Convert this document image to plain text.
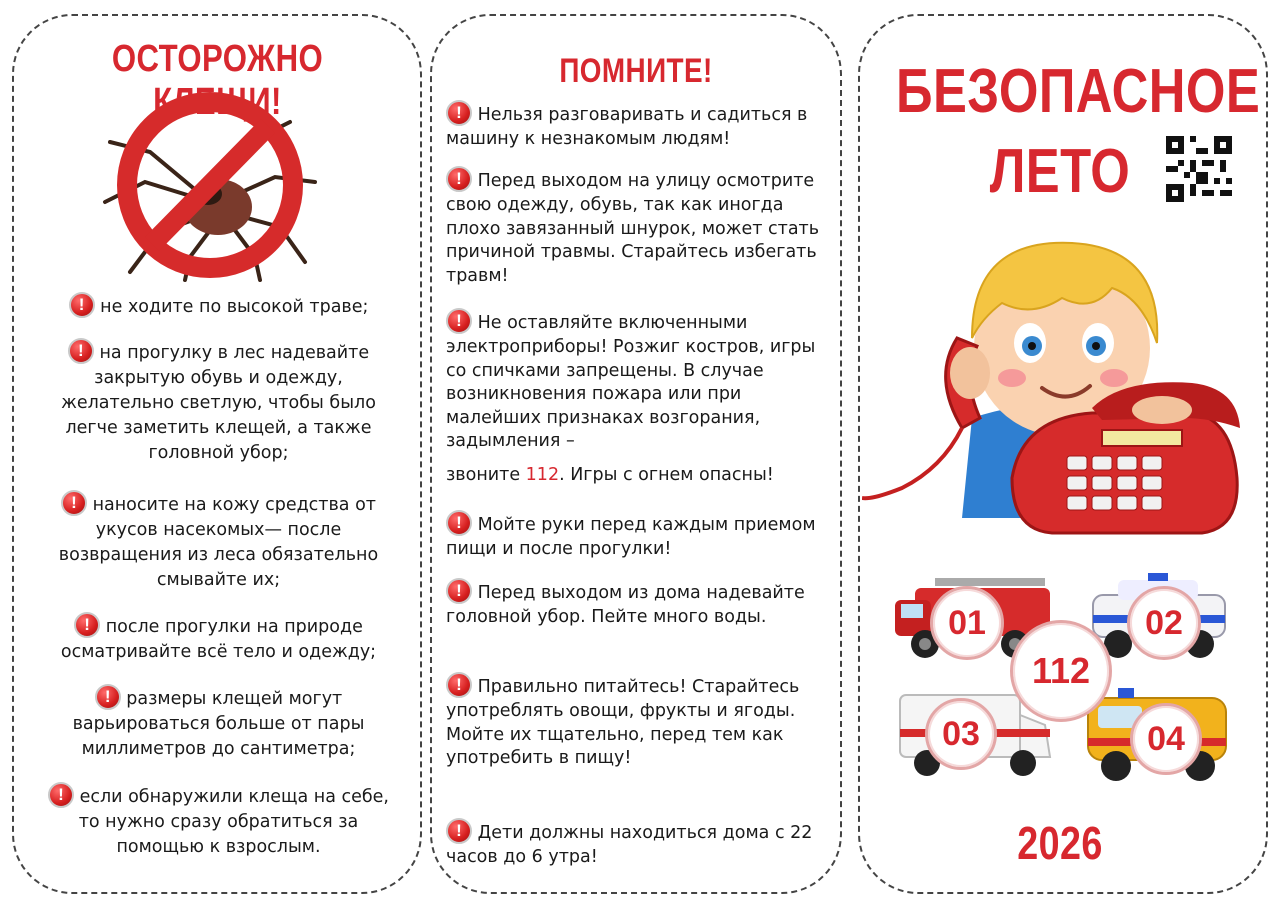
ОСТОРОЖНО КЛЕЩИ!
! не ходите по высокой траве;
! на прогулку в лес надевайте
закрытую обувь и одежду, желательно светлую, чтобы было легче заметить клещей, а также головной убор;
! наносите на кожу средства от
укусов насекомых— после возвращения из леса обязательно смывайте их;
! после прогулки на природе
осматривайте всё тело и одежду;
! размеры клещей могут
варьироваться больше от пары миллиметров до сантиметра;
! если обнаружили клеща на себе,
то нужно сразу обратиться за помощью к взрослым.
ПОМНИТЕ!
! Нельзя разговаривать и садиться в машину к незнакомым людям!
! Перед выходом на улицу осмотрите свою одежду, обувь, так как иногда плохо завязанный шнурок, может стать причиной травмы. Старайтесь избегать травм!
! Не оставляйте включенными электроприборы! Розжиг костров, игры со спичками запрещены. В случае возникновения пожара или при малейших признаках возгорания, задымления –
звоните 112. Игры с огнем опасны!
! Мойте руки перед каждым приемом пищи и после прогулки!
! Перед выходом из дома надевайте головной убор. Пейте много воды.
! Правильно питайтесь! Старайтесь употреблять овощи, фрукты и ягоды. Мойте их тщательно, перед тем как употребить в пищу!
! Дети должны находиться дома с 22 часов до 6 утра!
БЕЗОПАСНОЕ
ЛЕТО
01	02
112
03	04
2026
